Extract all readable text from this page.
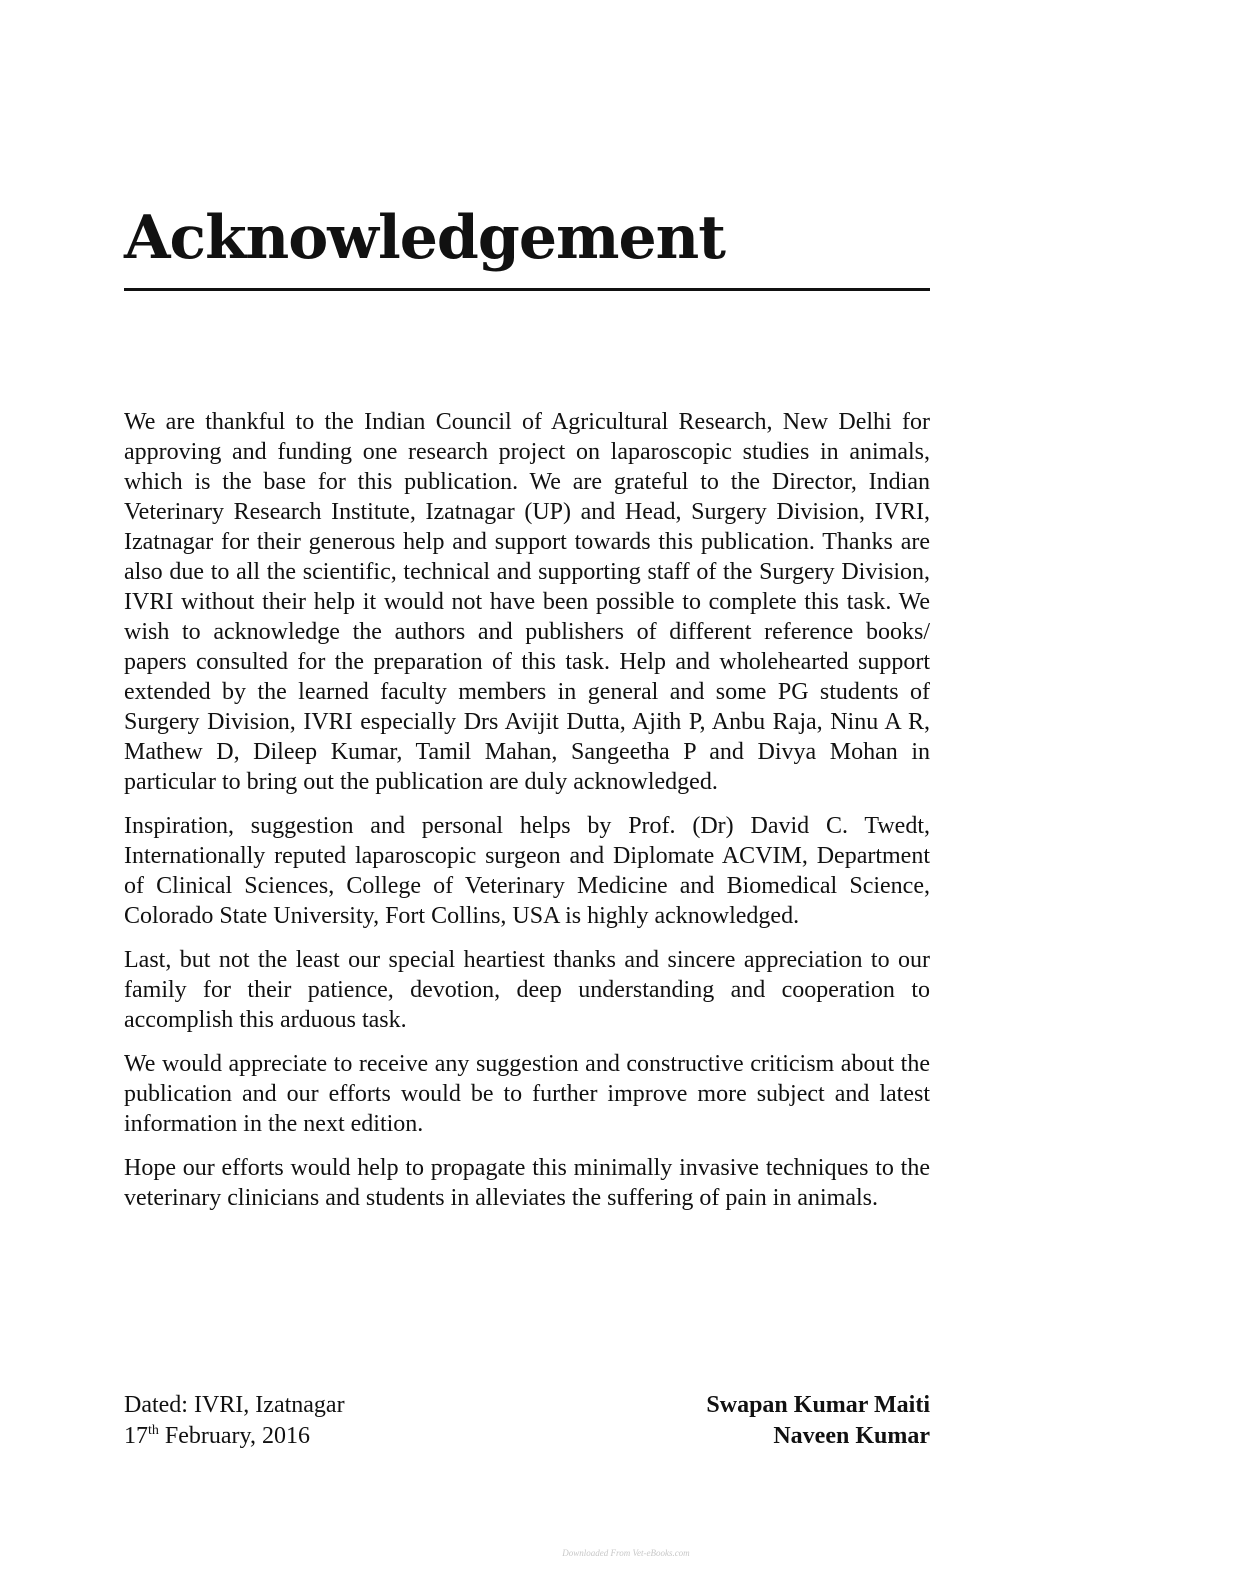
Acknowledgement

We are thankful to the Indian Council of Agricultural Research, New Delhi for approving and funding one research project on laparoscopic studies in animals, which is the base for this publication. We are grateful to the Director, Indian Veterinary Research Institute, Izatnagar (UP) and Head, Surgery Division, IVRI, Izatnagar for their generous help and support towards this publication. Thanks are also due to all the scientific, technical and supporting staff of the Surgery Division, IVRI without their help it would not have been possible to complete this task. We wish to acknowledge the authors and publishers of different reference books/ papers consulted for the preparation of this task. Help and wholehearted support extended by the learned faculty members in general and some PG students of Surgery Division, IVRI especially Drs Avijit Dutta, Ajith P, Anbu Raja, Ninu A R, Mathew D, Dileep Kumar, Tamil Mahan, Sangeetha P and Divya Mohan in particular to bring out the publication are duly acknowledged.

Inspiration, suggestion and personal helps by Prof. (Dr) David C. Twedt, Internationally reputed laparoscopic surgeon and Diplomate ACVIM, Department of Clinical Sciences, College of Veterinary Medicine and Biomedical Science, Colorado State University, Fort Collins, USA is highly acknowledged.

Last, but not the least our special heartiest thanks and sincere appreciation to our family for their patience, devotion, deep understanding and cooperation to accomplish this arduous task.

We would appreciate to receive any suggestion and constructive criticism about the publication and our efforts would be to further improve more subject and latest information in the next edition.

Hope our efforts would help to propagate this minimally invasive techniques to the veterinary clinicians and students in alleviates the suffering of pain in animals.

Dated: IVRI, Izatnagar
17th February, 2016
Swapan Kumar Maiti
Naveen Kumar
Downloaded From Vet-eBooks.com
